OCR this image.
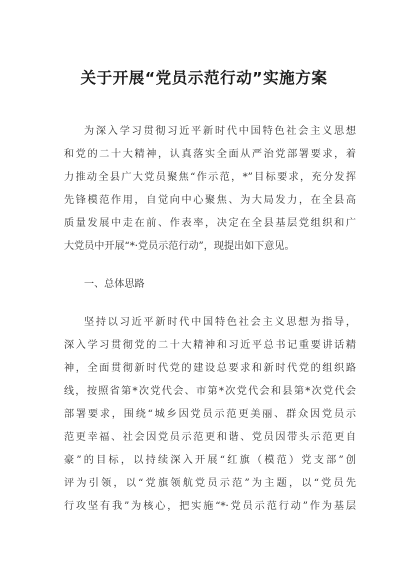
关于开展“党员示范行动”实施方案
为深入学习贯彻习近平新时代中国特色社会主义思想
和党的二十大精神，认真落实全面从严治党部署要求，着
力推动全县广大党员聚焦“作示范，*”目标要求，充分发挥
先锋模范作用，自觉向中心聚焦、为大局发力，在全县高
质量发展中走在前、作表率，决定在全县基层党组织和广
大党员中开展“*·党员示范行动”，现提出如下意见。
一、总体思路
坚持以习近平新时代中国特色社会主义思想为指导，
深入学习贯彻党的二十大精神和习近平总书记重要讲话精
神，全面贯彻新时代党的建设总要求和新时代党的组织路
线，按照省第*次党代会、市第*次党代会和县第*次党代会
部署要求，围绕“城乡因党员示范更美丽、群众因党员示
范更幸福、社会因党员示范更和谐、党员因带头示范更自
豪”的目标，以持续深入开展“红旗（模范）党支部”创
评为引领，以“党旗领航党员示范”为主题，以“党员先
行攻坚有我”为核心，把实施“*·党员示范行动”作为基层
